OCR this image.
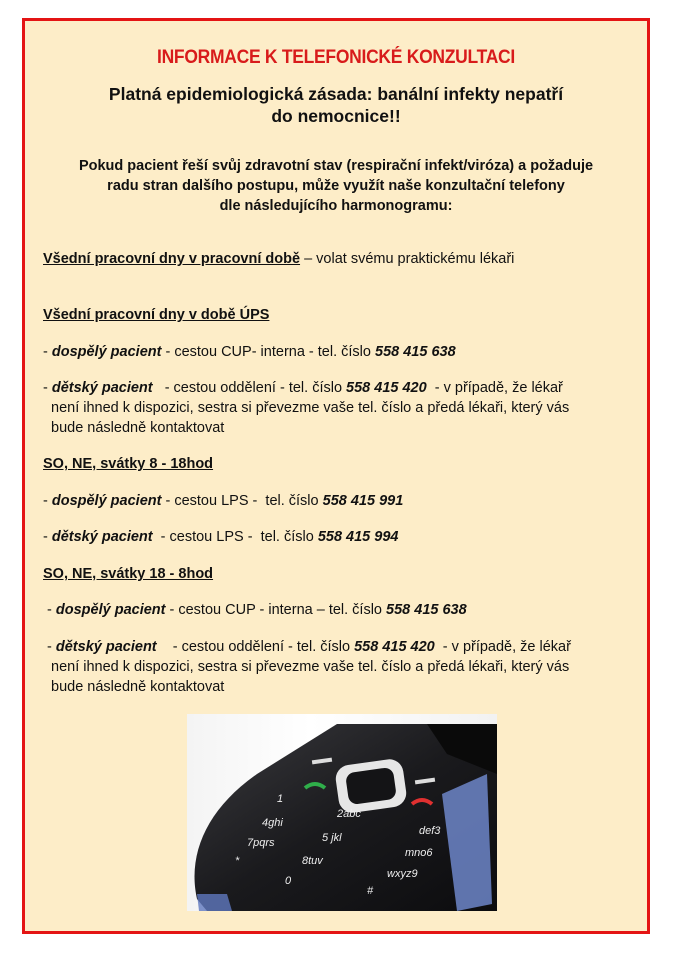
INFORMACE K TELEFONICKÉ KONZULTACI
Platná epidemiologická zásada: banální infekty nepatří
do nemocnice!!
Pokud pacient řeší svůj zdravotní stav (respirační infekt/viróza) a požaduje
radu stran dalšího postupu, může využít naše konzultační telefony
dle následujícího harmonogramu:
Všední pracovní dny v pracovní době – volat svému praktickému lékaři
Všední pracovní dny v době ÚPS
- dospělý pacient - cestou CUP- interna - tel. číslo 558 415 638
- dětský pacient   - cestou oddělení - tel. číslo 558 415 420  - v případě, že lékař
není ihned k dispozici, sestra si převezme vaše tel. číslo a předá lékaři, který vás
bude následně kontaktovat
SO, NE, svátky 8 - 18hod
- dospělý pacient - cestou LPS -  tel. číslo 558 415 991
- dětský pacient  - cestou LPS -  tel. číslo 558 415 994
SO, NE, svátky 18 - 8hod
- dospělý pacient - cestou CUP - interna – tel. číslo 558 415 638
- dětský pacient    - cestou oddělení - tel. číslo 558 415 420  - v případě, že lékař
není ihned k dispozici, sestra si převezme vaše tel. číslo a předá lékaři, který vás
bude následně kontaktovat
1
2abc
def3
4ghi
5 jkl
mno6
7pqrs
8tuv
wxyz9
*
0
#
